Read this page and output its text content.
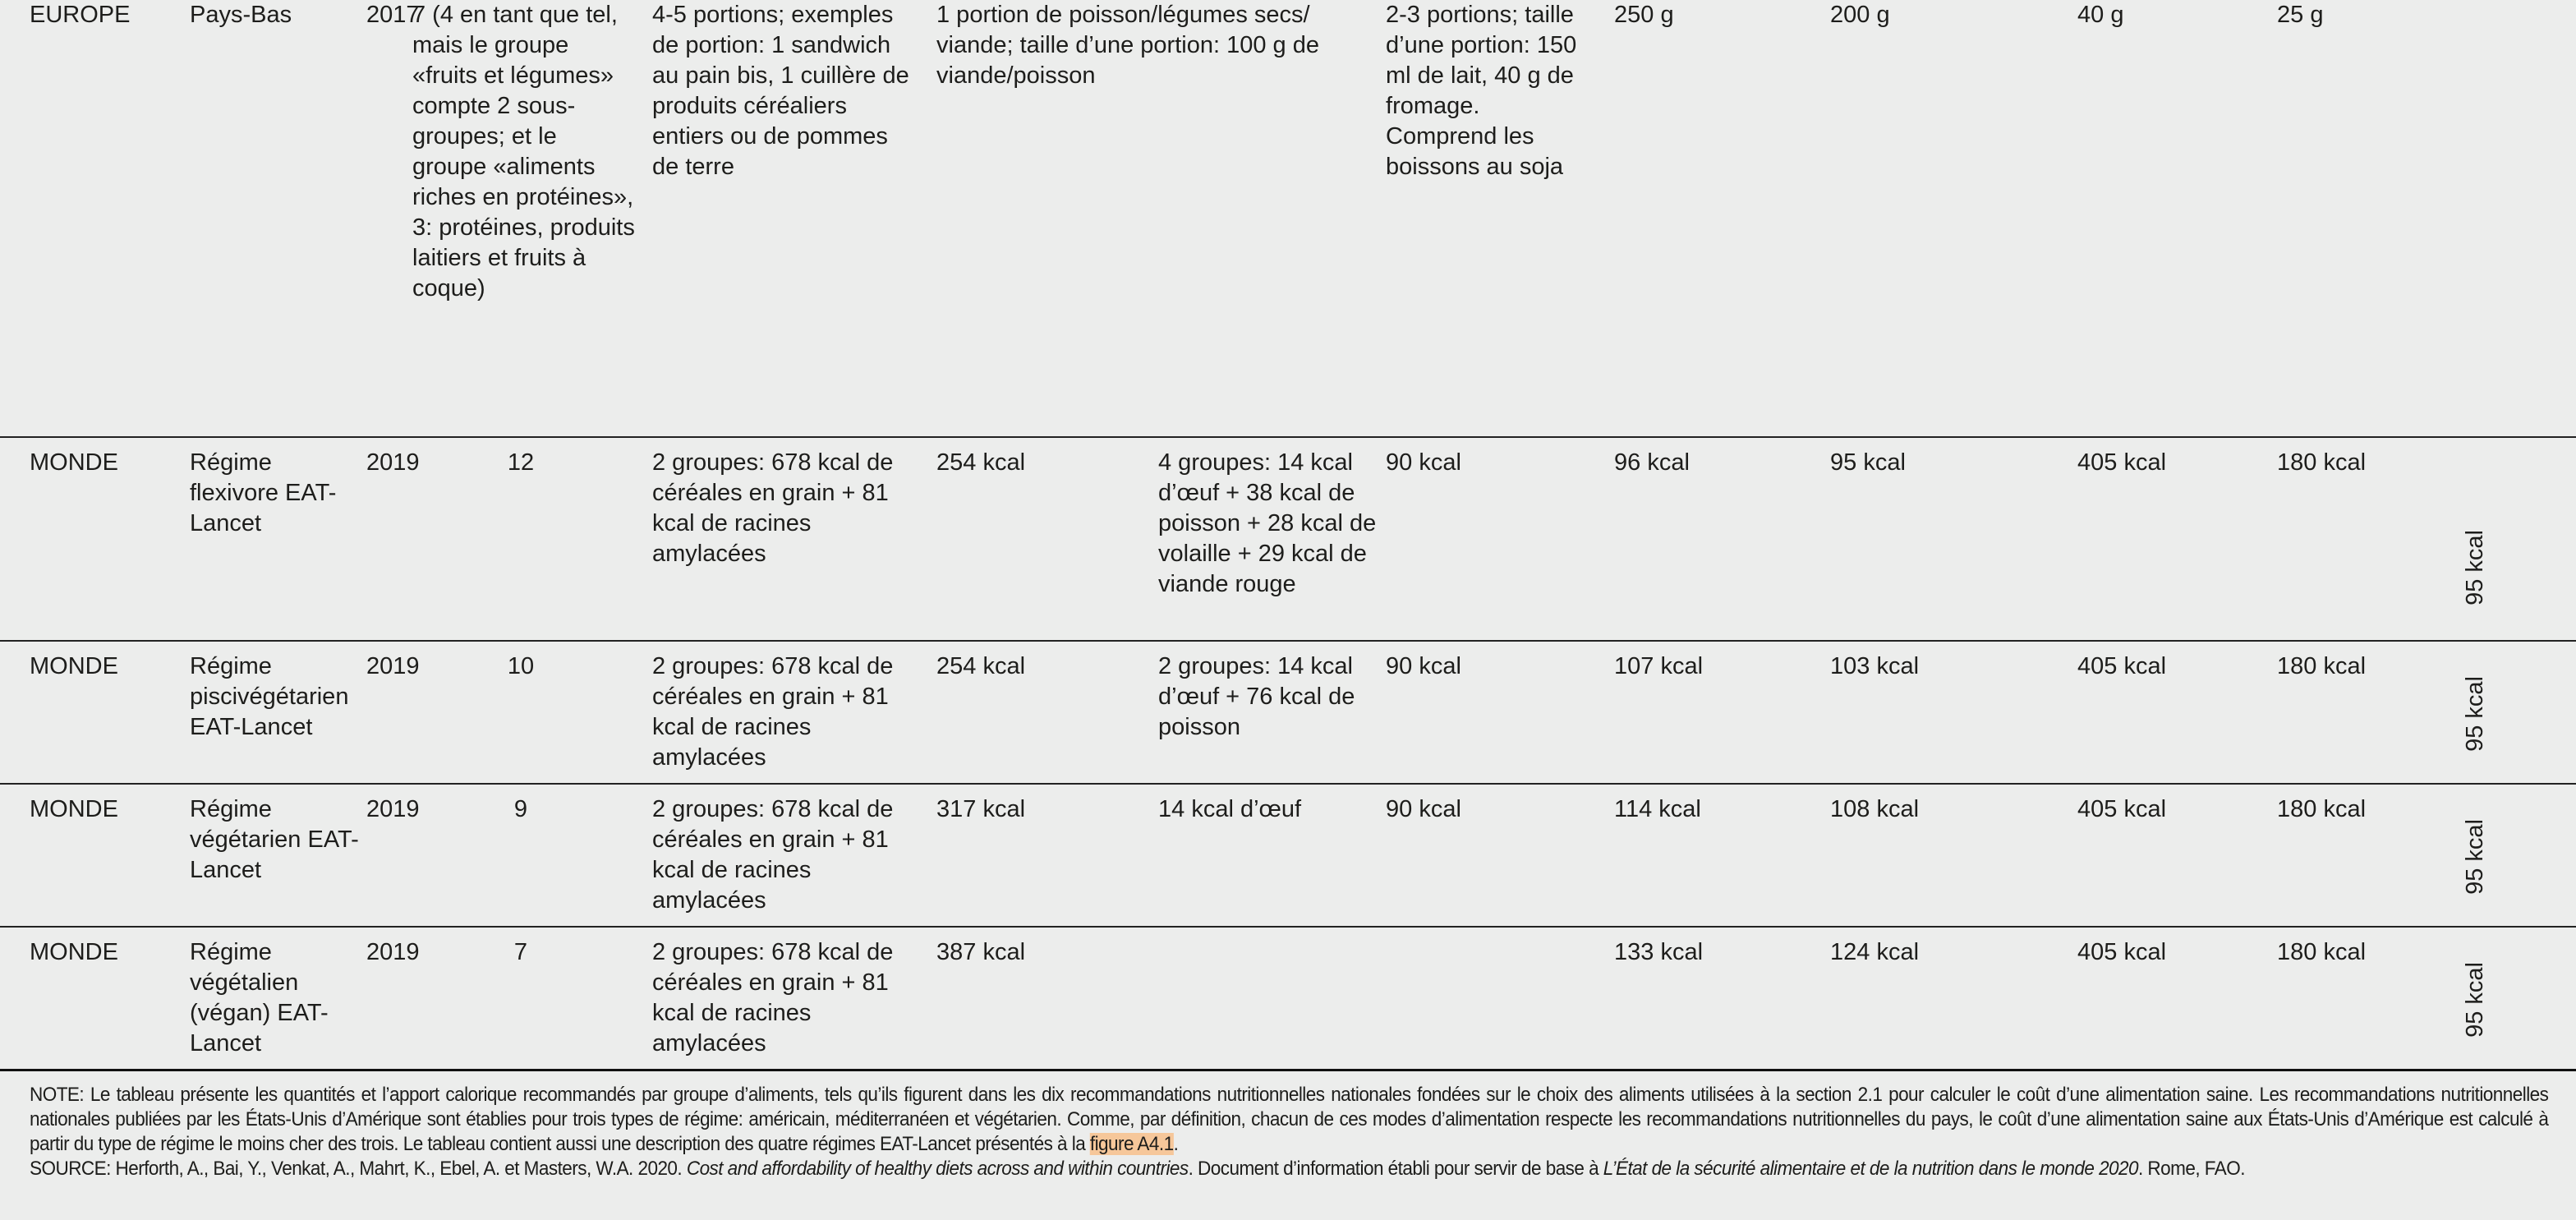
EUROPE	Pays-Bas	2017	7 (4 en tant que tel, mais le groupe «fruits et légumes» compte 2 sous-groupes; et le groupe «aliments riches en protéines», 3: protéines, produits laitiers et fruits à coque)	4-5 portions; exemples de portion: 1 sandwich au pain bis, 1 cuillère de produits céréaliers entiers ou de pommes de terre	1 portion de poisson/légumes secs/ viande; taille d’une portion: 100 g de viande/poisson		2-3 portions; taille d’une portion: 150 ml de lait, 40 g de fromage. Comprend les boissons au soja	250 g	200 g	40 g	25 g	
MONDE	Régime flexivore EAT-Lancet	2019	12	2 groupes: 678 kcal de céréales en grain + 81 kcal de racines amylacées	254 kcal	4 groupes: 14 kcal d’œuf + 38 kcal de poisson + 28 kcal de volaille + 29 kcal de viande rouge	90 kcal	96 kcal	95 kcal	405 kcal	180 kcal	95 kcal
MONDE	Régime piscivégétarien EAT-Lancet	2019	10	2 groupes: 678 kcal de céréales en grain + 81 kcal de racines amylacées	254 kcal	2 groupes: 14 kcal d’œuf + 76 kcal de poisson	90 kcal	107 kcal	103 kcal	405 kcal	180 kcal	95 kcal
MONDE	Régime végétarien EAT-Lancet	2019	9	2 groupes: 678 kcal de céréales en grain + 81 kcal de racines amylacées	317 kcal	14 kcal d’œuf	90 kcal	114 kcal	108 kcal	405 kcal	180 kcal	95 kcal
MONDE	Régime végétalien (végan) EAT-Lancet	2019	7	2 groupes: 678 kcal de céréales en grain + 81 kcal de racines amylacées	387 kcal			133 kcal	124 kcal	405 kcal	180 kcal	95 kcal

NOTE: Le tableau présente les quantités et l’apport calorique recommandés par groupe d’aliments, tels qu’ils figurent dans les dix recommandations nutritionnelles nationales fondées sur le choix des aliments utilisées à la section 2.1 pour calculer le coût d’une alimentation saine. Les recommandations nutritionnelles nationales publiées par les États-Unis d’Amérique sont établies pour trois types de régime: américain, méditerranéen et végétarien. Comme, par définition, chacun de ces modes d’alimentation respecte les recommandations nutritionnelles du pays, le coût d’une alimentation saine aux États-Unis d’Amérique est calculé à partir du type de régime le moins cher des trois. Le tableau contient aussi une description des quatre régimes EAT-Lancet présentés à la figure A4.1.

SOURCE: Herforth, A., Bai, Y., Venkat, A., Mahrt, K., Ebel, A. et Masters, W.A. 2020. Cost and affordability of healthy diets across and within countries. Document d’information établi pour servir de base à L’État de la sécurité alimentaire et de la nutrition dans le monde 2020. Rome, FAO.
